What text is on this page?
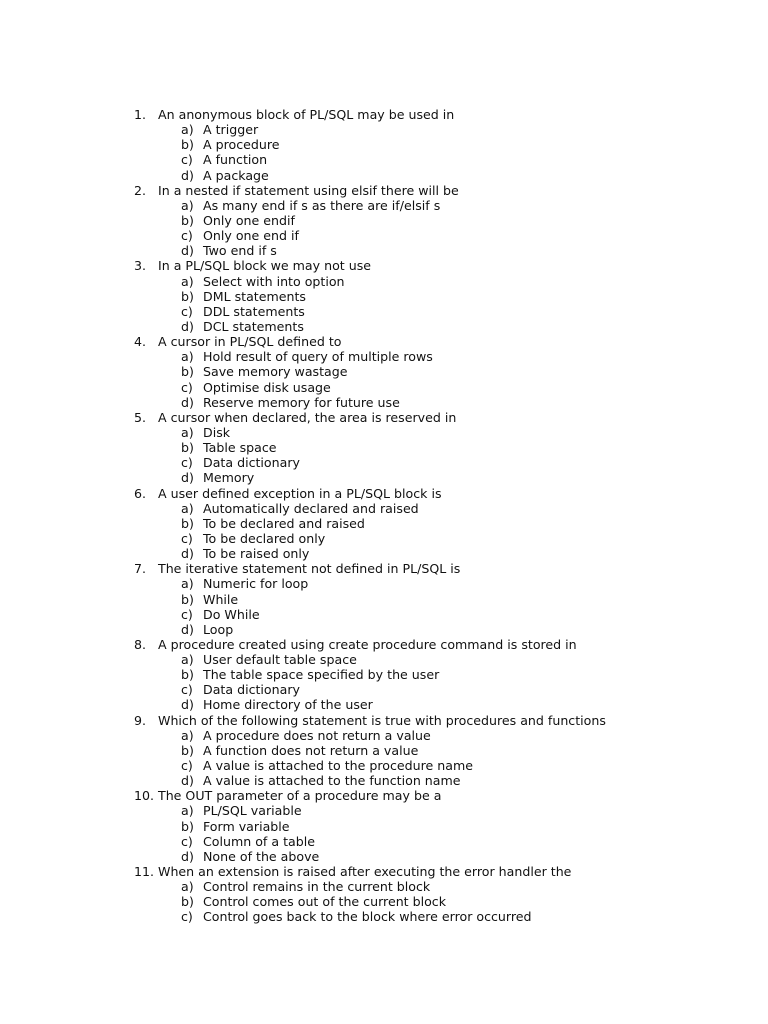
1. An anonymous block of PL/SQL may be used in
a) A trigger
b) A procedure
c) A function
d) A package
2. In a nested if statement using elsif there will be
a) As many end if s as there are if/elsif s
b) Only one endif
c) Only one end if
d) Two end if s
3. In a PL/SQL block we may not use
a) Select with into option
b) DML statements
c) DDL statements
d) DCL statements
4. A cursor in PL/SQL defined to
a) Hold result of query of multiple rows
b) Save memory wastage
c) Optimise disk usage
d) Reserve memory for future use
5. A cursor when declared, the area is reserved in
a) Disk
b) Table space
c) Data dictionary
d) Memory
6. A user defined exception in a PL/SQL block is
a) Automatically declared and raised
b) To be declared and raised
c) To be declared only
d) To be raised only
7. The iterative statement not defined in PL/SQL is
a) Numeric for loop
b) While
c) Do While
d) Loop
8. A procedure created using create procedure command is stored in
a) User default table space
b) The table space specified by the user
c) Data dictionary
d) Home directory of the user
9. Which of the following statement is true with procedures and functions
a) A procedure does not return a value
b) A function does not return a value
c) A value is attached to the procedure name
d) A value is attached to the function name
10. The OUT parameter of a procedure may be a
a) PL/SQL variable
b) Form variable
c) Column of a table
d) None of the above
11. When an extension is raised after executing the error handler the
a) Control remains in the current block
b) Control comes out of the current block
c) Control goes back to the block where error occurred
